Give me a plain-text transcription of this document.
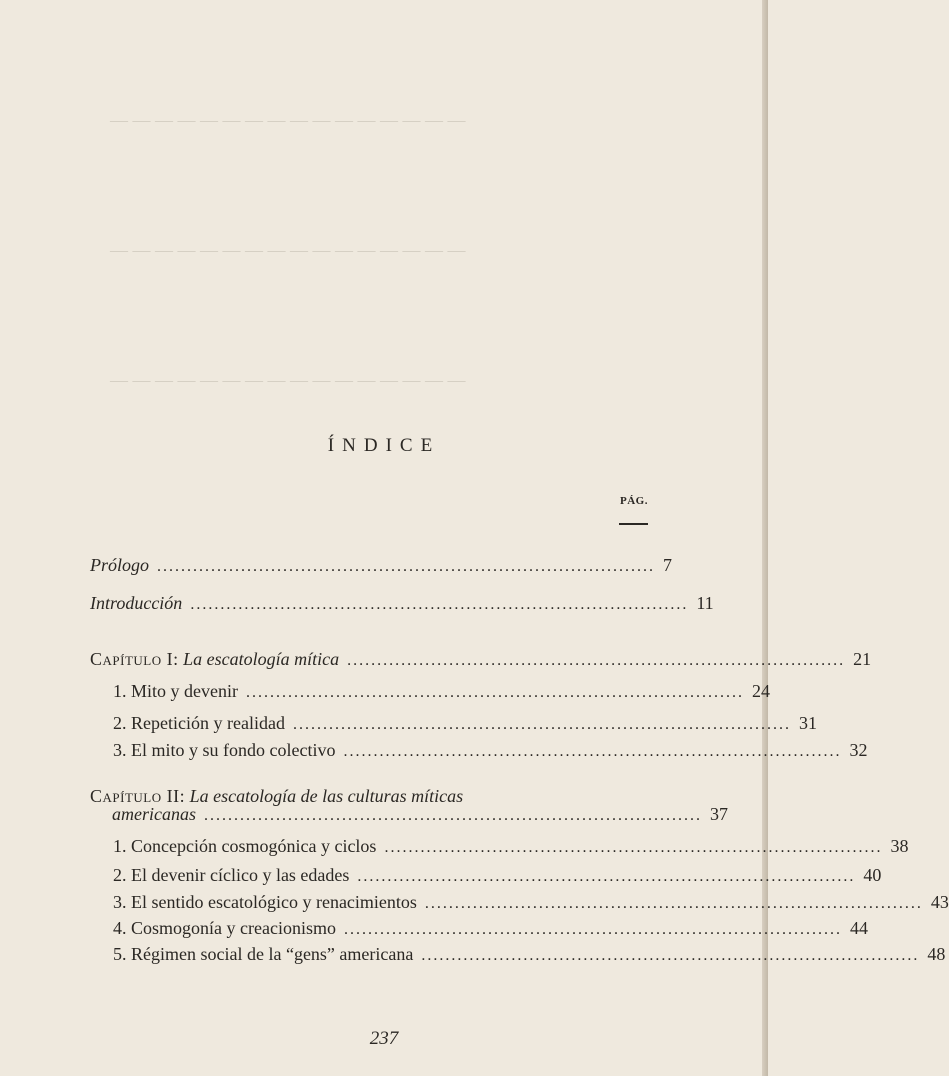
— — — — — — — — — — — — — — — —
— — — — — — — — — — — — — — — —
— — — — — — — — — — — — — — — —
ÍNDICE
PÁG.
Prólogo ................................................................................... 7
Introducción ................................................................................... 11
Capítulo I: La escatología mítica ................................................................................... 21
1. Mito y devenir ................................................................................... 24
2. Repetición y realidad ................................................................................... 31
3. El mito y su fondo colectivo ................................................................................... 32
Capítulo II: La escatología de las culturas míticas
americanas ................................................................................... 37
1. Concepción cosmogónica y ciclos ................................................................................... 38
2. El devenir cíclico y las edades ................................................................................... 40
3. El sentido escatológico y renacimientos ................................................................................... 43
4. Cosmogonía y creacionismo ................................................................................... 44
5. Régimen social de la “gens” americana ................................................................................... 48
237
